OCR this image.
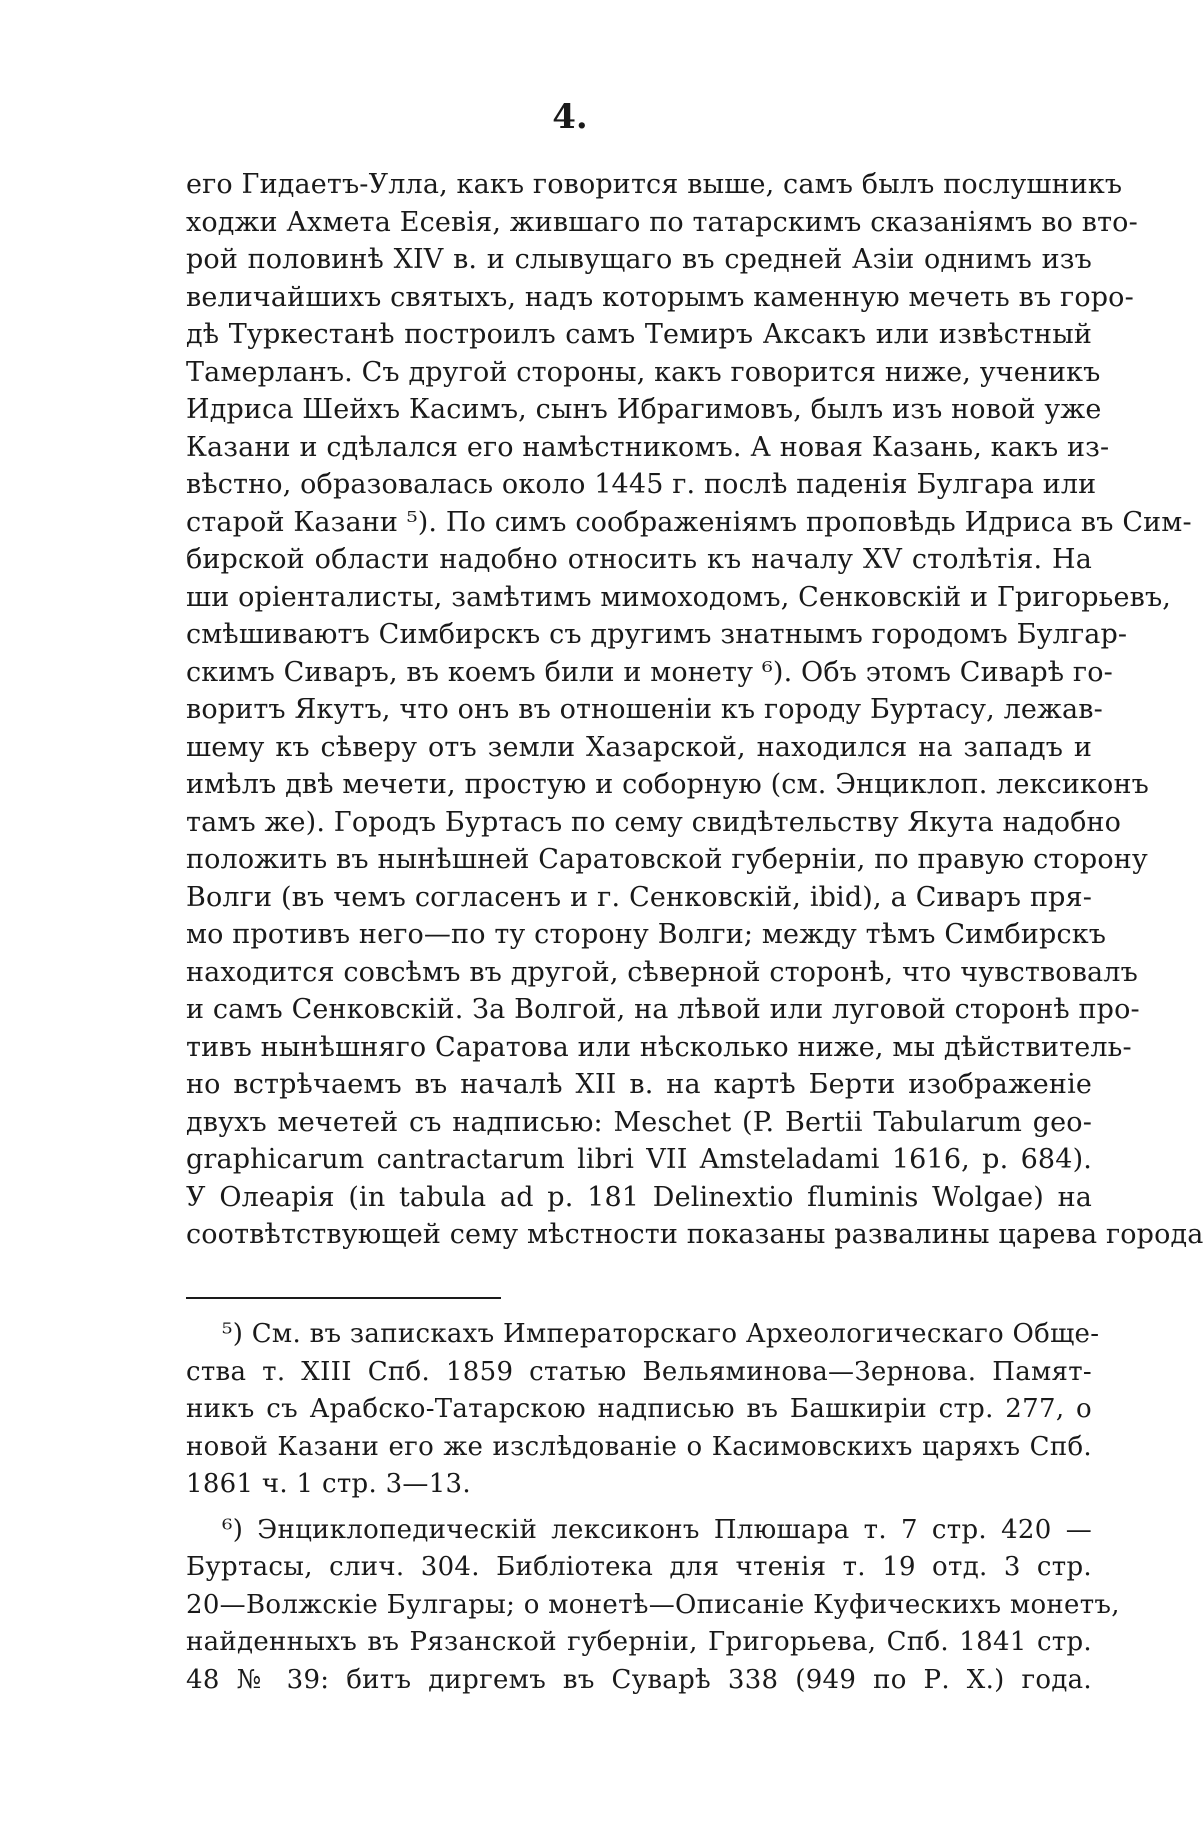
4.
его Гидаетъ-Улла, какъ говорится выше, самъ былъ послушникъ
ходжи Ахмета Есевія, жившаго по татарскимъ сказаніямъ во вто-
рой половинѣ XIV в. и слывущаго въ средней Азіи однимъ изъ
величайшихъ святыхъ, надъ которымъ каменную мечеть въ горо-
дѣ Туркестанѣ построилъ самъ Темиръ Аксакъ или извѣстный
Тамерланъ. Съ другой стороны, какъ говорится ниже, ученикъ
Идриса Шейхъ Касимъ, сынъ Ибрагимовъ, былъ изъ новой уже
Казани и сдѣлался его намѣстникомъ. А новая Казань, какъ из-
вѣстно, образовалась около 1445 г. послѣ паденія Булгара или
старой Казани ⁵). По симъ соображеніямъ проповѣдь Идриса въ Сим-
бирской области надобно относить къ началу XV столѣтія. На
ши оріенталисты, замѣтимъ мимоходомъ, Сенковскій и Григорьевъ,
смѣшиваютъ Симбирскъ съ другимъ знатнымъ городомъ Булгар-
скимъ Сиваръ, въ коемъ били и монету ⁶). Объ этомъ Сиварѣ го-
воритъ Якутъ, что онъ въ отношеніи къ городу Буртасу, лежав-
шему къ сѣверу отъ земли Хазарской, находился на западъ и
имѣлъ двѣ мечети, простую и соборную (см. Энциклоп. лексиконъ
тамъ же). Городъ Буртасъ по сему свидѣтельству Якута надобно
положить въ нынѣшней Саратовской губерніи, по правую сторону
Волги (въ чемъ согласенъ и г. Сенковскій, ibid), а Сиваръ пря-
мо противъ него—по ту сторону Волги; между тѣмъ Симбирскъ
находится совсѣмъ въ другой, сѣверной сторонѣ, что чувствовалъ
и самъ Сенковскій. За Волгой, на лѣвой или луговой сторонѣ про-
тивъ нынѣшняго Саратова или нѣсколько ниже, мы дѣйствитель-
но встрѣчаемъ въ началѣ XII в. на картѣ Берти изображеніе
двухъ мечетей съ надписью: Meschet (P. Bertii Tabularum geo-
graphicarum cantractarum libri VII Amsteladami 1616, p. 684).
У Олеарія (in tabula ad p. 181 Delinextio fluminis Wolgae) на
соотвѣтствующей сему мѣстности показаны развалины царева города
⁵) См. въ запискахъ Императорскаго Археологическаго Обще-
ства т. XIII Спб. 1859 статью Вельяминова—Зернова. Памят-
никъ съ Арабско-Татарскою надписью въ Башкиріи стр. 277, о
новой Казани его же изслѣдованіе о Касимовскихъ царяхъ Спб.
1861 ч. 1 стр. 3—13.
⁶) Энциклопедическій лексиконъ Плюшара т. 7 стр. 420 —
Буртасы, слич. 304. Библіотека для чтенія т. 19 отд. 3 стр.
20—Волжскіе Булгары; о монетѣ—Описаніе Куфическихъ монетъ,
найденныхъ въ Рязанской губерніи, Григорьева, Спб. 1841 стр.
48 № 39: битъ диргемъ въ Суварѣ 338 (949 по Р. Х.) года.
